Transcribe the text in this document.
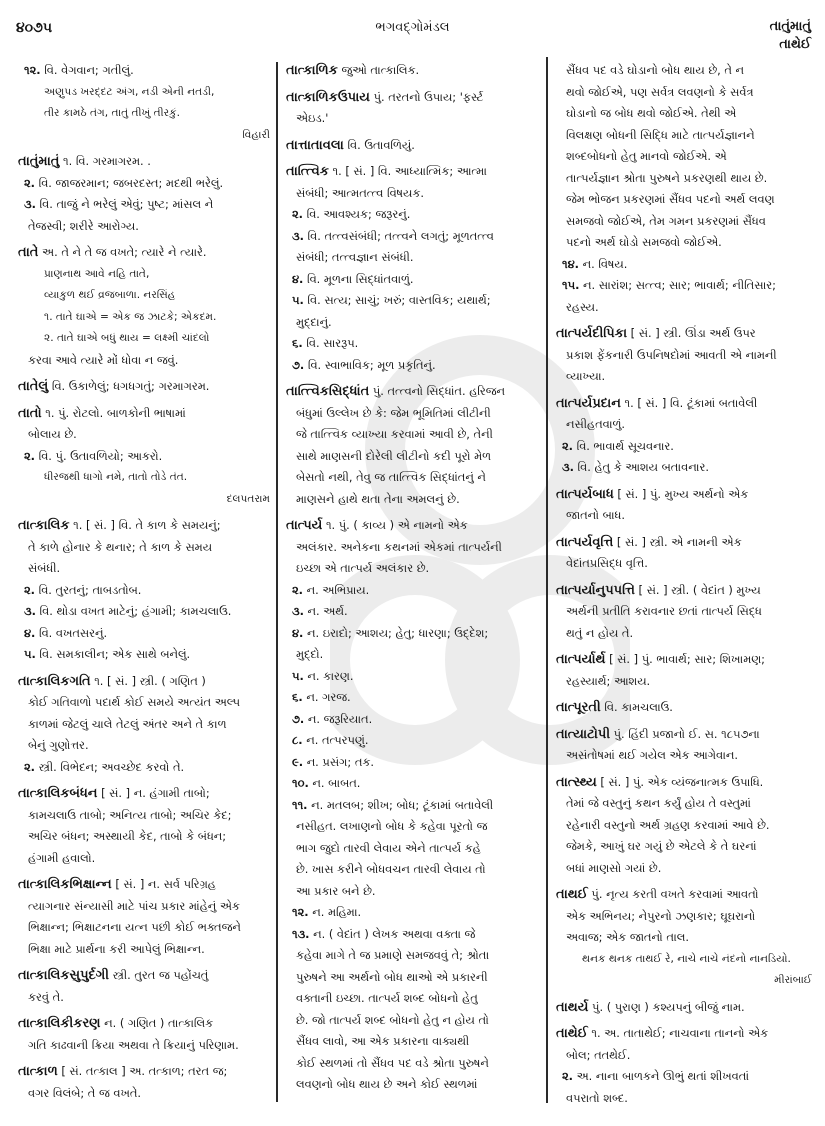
૪૦૭૫	ભગવદ્‌ગોમંડલ	તાતુંમાતું
તાથેઈ
૧૨. વિ. વેગવાન; ગતીલું.
અણુપડ ખરદ્દટ અંગ, નડી એની નતડી,
તીર કામઠે તંગ, તાતું તીખું તીરકું.
વિહારી
તાતુંમાતું ૧. વિ. ગરમાગરમ. .
૨. વિ. જાજરમાન; જબરદસ્ત; મદથી ભરેલું.
૩. વિ. તાજું ને ભરેલું એવું; પુષ્ટ; માંસલ ને
તેજસ્વી; શરીરે આરોગ્ય.
તાતે અ. તે ને તે જ વખતે; ત્યારે ને ત્યારે.
પ્રાણનાથ આવે નહિ તાતે,
વ્યાકુળ થઈ વ્રજબાળા. નરસિંહ
૧. તાતે ઘાએ = એક જ ઝાટકે; એકદમ.
૨. તાતે ઘાએ બધું થાય = લક્ષ્મી ચાંદલો
કરવા આવે ત્યારે મોં ધોવા ન જવું.
તાતેલું વિ. ઉકાળેલું; ધગધગતું; ગરમાગરમ.
તાતો ૧. પું. રોટલો. બાળકોની ભાષામાં
બોલાય છે.
૨. વિ. પું. ઉતાવળિયો; આકરો.
ધીરજથી ધાગો નમે, તાતો તોડે તંત.
દલપતરામ
તાત્કાલિક ૧. [ સં. ] વિ. તે કાળ કે સમયનું;
તે કાળે હોનાર કે થનાર; તે કાળ કે સમય
સંબંધી.
૨. વિ. તુરતનું; તાબડતોબ.
૩. વિ. થોડા વખત માટેનું; હંગામી; કામચલાઉ.
૪. વિ. વખતસરનું.
૫. વિ. સમકાલીન; એક સાથે બનેલું.
તાત્કાલિકગતિ ૧. [ સં. ] સ્ત્રી. ( ગણિત )
કોઈ ગતિવાળો પદાર્થ કોઈ સમયે અત્યંત અલ્પ
કાળમાં જેટલું ચાલે તેટલું અંતર અને તે કાળ
બેનું ગુણોત્તર.
૨. સ્ત્રી. વિભેદન; અવચ્છેદ કરવો તે.
તાત્કાલિકબંધન [ સં. ] ન. હંગામી તાબો;
કામચલાઉ તાબો; અનિત્ય તાબો; અચિર કેદ;
અચિર બંધન; અસ્થાયી કેદ, તાબો કે બંધન;
હંગામી હવાલો.
તાત્કાલિકભિક્ષાન્ન [ સં. ] ન. સર્વ પરિગ્રહ
ત્યાગનાર સંન્યાસી માટે પાંચ પ્રકાર માંહેનું એક
ભિક્ષાન્ન; ભિક્ષાટનના યત્ન પછી કોઈ ભક્તજને
ભિક્ષા માટે પ્રાર્થના કરી આપેલું ભિક્ષાન્ન.
તાત્કાલિકસુપુર્દગી સ્ત્રી. તુરત જ પહોંચતું
કરવું તે.
તાત્કાલિકીકરણ ન. ( ગણિત ) તાત્કાલિક
ગતિ કાઢવાની ક્રિયા અથવા તે ક્રિયાનું પરિણામ.
તાત્કાળ [ સં. તત્કાલ ] અ. તત્કાળ; તરત જ;
વગર વિલંબે; તે જ વખતે.
તાત્કાળિક જુઓ તાત્કાલિક.
તાત્કાળિકઉપાય પું. તરતનો ઉપાય; 'ફર્સ્ટ
એઇડ.'
તાત્તાતાવલા વિ. ઉતાવળિયું.
તાત્ત્વિક ૧. [ સં. ] વિ. આધ્યાત્મિક; આત્મા
સંબંધી; આત્મતત્ત્વ વિષયક.
૨. વિ. આવશ્યક; જરૂરનું.
૩. વિ. તત્ત્વસંબંધી; તત્ત્વને લગતું; મૂળતત્ત્વ
સંબંધી; તત્ત્વજ્ઞાન સંબંધી.
૪. વિ. મૂળના સિદ્ધાંતવાળું.
૫. વિ. સત્ય; સાચું; ખરું; વાસ્તવિક; યથાર્થ;
મુદ્દાનું.
૬. વિ. સારરૂપ.
૭. વિ. સ્વાભાવિક; મૂળ પ્રકૃતિનું.
તાત્ત્વિકસિદ્ધાંત પું. તત્ત્વનો સિદ્ધાંત. હરિજન
બંધુમાં ઉલ્લેખ છે કે: જેમ ભૂમિતિમાં લીટીની
જે તાત્ત્વિક વ્યાખ્યા કરવામાં આવી છે, તેની
સાથે માણસની દોરેલી લીટીનો કદી પૂરો મેળ
બેસતો નથી, તેવુ જ તાત્ત્વિક સિદ્ધાંતનું ને
માણસને હાથે થતા તેના અમલનું છે.
તાત્પર્ય ૧. પું. ( કાવ્ય ) એ નામનો એક
અલંકાર. અનેકના કથનમાં એકમાં તાત્પર્યની
ઇચ્છા એ તાત્પર્ય અલંકાર છે.
૨. ન. અભિપ્રાય.
૩. ન. અર્થ.
૪. ન. ઇરાદો; આશય; હેતુ; ધારણા; ઉદ્દેશ;
મુદ્દો.
૫. ન. કારણ.
૬. ન. ગરજ.
૭. ન. જરૂરિયાત.
૮. ન. તત્પરપણું.
૯. ન. પ્રસંગ; તક.
૧૦. ન. બાબત.
૧૧. ન. મતલબ; શીખ; બોધ; ટૂંકામાં બતાવેલી
નસીહત. લખાણનો બોધ કે કહેવા પૂરતો જ
ભાગ જુદો તારવી લેવાય એને તાત્પર્ય કહે
છે. ખાસ કરીને બોધવચન તારવી લેવાય તો
આ પ્રકાર બને છે.
૧૨. ન. મહિમા.
૧૩. ન. ( વેદાંત ) લેખક અથવા વક્તા જે
કહેવા માગે તે જ પ્રમાણે સમજવવું તે; શ્રોતા
પુરુષને આ અર્થનો બોધ થાઓ એ પ્રકારની
વક્તાની ઇચ્છા. તાત્પર્ય શબ્દ બોધનો હેતુ
છે. જો તાત્પર્ય શબ્દ બોધનો હેતુ ન હોય તો
સૈંધવ લાવો, આ એક પ્રકારના વાક્યથી
કોઈ સ્થળમાં તો સૈંધવ પદ વડે શ્રોતા પુરુષને
લવણનો બોધ થાય છે અને કોઈ સ્થળમાં
સૈંધવ પદ વડે ઘોડાનો બોધ થાય છે, તે ન
થવો જોઈએ, પણ સર્વત્ર લવણનો કે સર્વત્ર
ઘોડાનો જ બોધ થવો જોઈએ. તેથી એ
વિલક્ષણ બોધની સિદ્ધિ માટે તાત્પર્યજ્ઞાનને
શબ્દબોધનો હેતુ માનવો જોઈએ. એ
તાત્પર્યજ્ઞાન શ્રોતા પુરુષને પ્રકરણથી થાય છે.
જેમ ભોજન પ્રકરણમાં સૈંધવ પદનો અર્થ લવણ
સમજવો જોઈએ, તેમ ગમન પ્રકરણમાં સૈંધવ
પદનો અર્થ ઘોડો સમજવો જોઈએ.
૧૪. ન. વિષય.
૧૫. ન. સારાંશ; સત્ત્વ; સાર; ભાવાર્થ; નીતિસાર;
રહસ્ય.
તાત્પર્યદીપિકા [ સં. ] સ્ત્રી. ઊંડા અર્થ ઉપર
પ્રકાશ ફેંકનારી ઉપનિષદોમાં આવતી એ નામની
વ્યાખ્યા.
તાત્પર્યપ્રદાન ૧. [ સં. ] વિ. ટૂંકામાં બતાવેલી
નસીહતવાળું.
૨. વિ. ભાવાર્થ સૂચવનાર.
૩. વિ. હેતુ કે આશય બતાવનાર.
તાત્પર્યબાધ [ સં. ] પું. મુખ્ય અર્થનો એક
જાતનો બાધ.
તાત્પર્યવૃત્તિ [ સં. ] સ્ત્રી. એ નામની એક
વેદાંતપ્રસિદ્ધ વૃત્તિ.
તાત્પર્યાનુપપત્તિ [ સં. ] સ્ત્રી. ( વેદાંત ) મુખ્ય
અર્થની પ્રતીતિ કરાવનાર છતાં તાત્પર્ય સિદ્ધ
થતું ન હોય તે.
તાત્પર્યાર્થ [ સં. ] પું. ભાવાર્થ; સાર; શિખામણ;
રહસ્યાર્થ; આશય.
તાત્પૂરતી વિ. કામચલાઉ.
તાત્યાટોપી પું. હિંદી પ્રજાનો ઈ. સ. ૧૮૫૭ના
અસંતોષમાં થઈ ગયેલ એક આગેવાન.
તાત્સ્થ્ય [ સં. ] પું. એક વ્યંજનાત્મક ઉપાધિ.
તેમાં જે વસ્તુનું કથન કર્યું હોય તે વસ્તુમાં
રહેનારી વસ્તુનો અર્થ ગ્રહણ કરવામાં આવે છે.
જેમકે, આખું ઘર ગયું છે એટલે કે તે ઘરનાં
બધાં માણસો ગયાં છે.
તાથઈ પું. નૃત્ય કરતી વખતે કરવામાં આવતો
એક અભિનય; નેપુરનો ઝણકાર; ઘૂઘરાનો
અવાજ; એક જાતનો તાલ.
થનક થનક તાથઈ રે, નાચે નાચે નંદનો નાનડિયો.
મીરાંબાઈ
તાથર્ય પું. ( પુરાણ ) કશ્યપનું બીજું નામ.
તાથેઈ ૧. અ. તાતાથેઈ; નાચવાના તાનનો એક
બોલ; તતથેઈ.
૨. અ. નાના બાળકને ઊભું થતાં શીખવતાં
વપરાતો શબ્દ.
